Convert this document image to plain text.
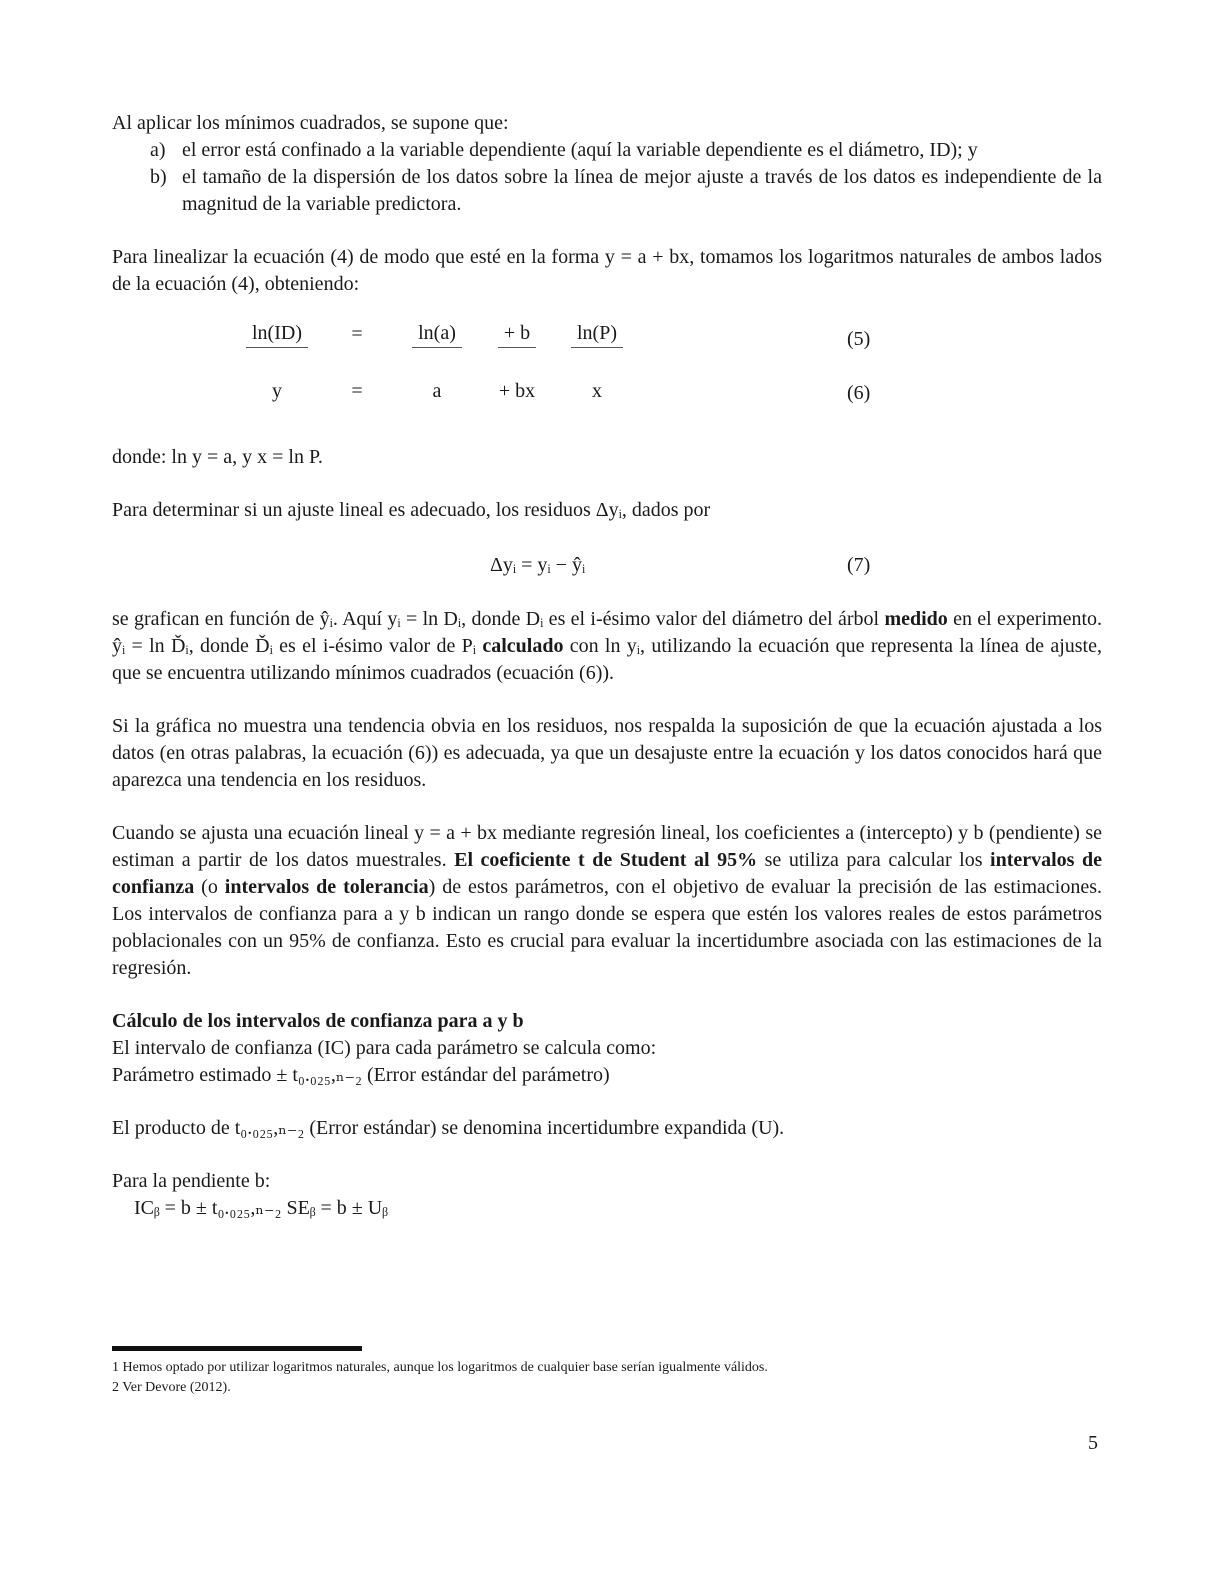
Al aplicar los mínimos cuadrados, se supone que:

a) el error está confinado a la variable dependiente (aquí la variable dependiente es el diámetro, ID); y
b) el tamaño de la dispersión de los datos sobre la línea de mejor ajuste a través de los datos es independiente de la magnitud de la variable predictora.

Para linealizar la ecuación (4) de modo que esté en la forma y = a + bx, tomamos los logaritmos naturales de ambos lados de la ecuación (4), obteniendo:

ln(ID)	=	ln(a)	+ b	ln(P)	(5)
y	=	a	+ bx	x	(6)

donde: ln y = a, y x = ln P.

Para determinar si un ajuste lineal es adecuado, los residuos Δyᵢ, dados por

Δyᵢ = yᵢ − ŷᵢ	(7)

se grafican en función de ŷᵢ. Aquí yᵢ = ln Dᵢ, donde Dᵢ es el i-ésimo valor del diámetro del árbol medido en el experimento. ŷᵢ = ln Ďᵢ, donde Ďᵢ es el i-ésimo valor de Pᵢ calculado con ln yᵢ, utilizando la ecuación que representa la línea de ajuste, que se encuentra utilizando mínimos cuadrados (ecuación (6)).

Si la gráfica no muestra una tendencia obvia en los residuos, nos respalda la suposición de que la ecuación ajustada a los datos (en otras palabras, la ecuación (6)) es adecuada, ya que un desajuste entre la ecuación y los datos conocidos hará que aparezca una tendencia en los residuos.

Cuando se ajusta una ecuación lineal y = a + bx mediante regresión lineal, los coeficientes a (intercepto) y b (pendiente) se estiman a partir de los datos muestrales. El coeficiente t de Student al 95% se utiliza para calcular los intervalos de confianza (o intervalos de tolerancia) de estos parámetros, con el objetivo de evaluar la precisión de las estimaciones. Los intervalos de confianza para a y b indican un rango donde se espera que estén los valores reales de estos parámetros poblacionales con un 95% de confianza. Esto es crucial para evaluar la incertidumbre asociada con las estimaciones de la regresión.

Cálculo de los intervalos de confianza para a y b

El intervalo de confianza (IC) para cada parámetro se calcula como:

Parámetro estimado ± t₀.₀₂₅,ₙ₋₂ (Error estándar del parámetro)

El producto de t₀.₀₂₅,ₙ₋₂ (Error estándar) se denomina incertidumbre expandida (U).

Para la pendiente b:

ICᵦ = b ± t₀.₀₂₅,ₙ₋₂ SEᵦ = b ± Uᵦ

1 Hemos optado por utilizar logaritmos naturales, aunque los logaritmos de cualquier base serían igualmente válidos.
2 Ver Devore (2012).
5
